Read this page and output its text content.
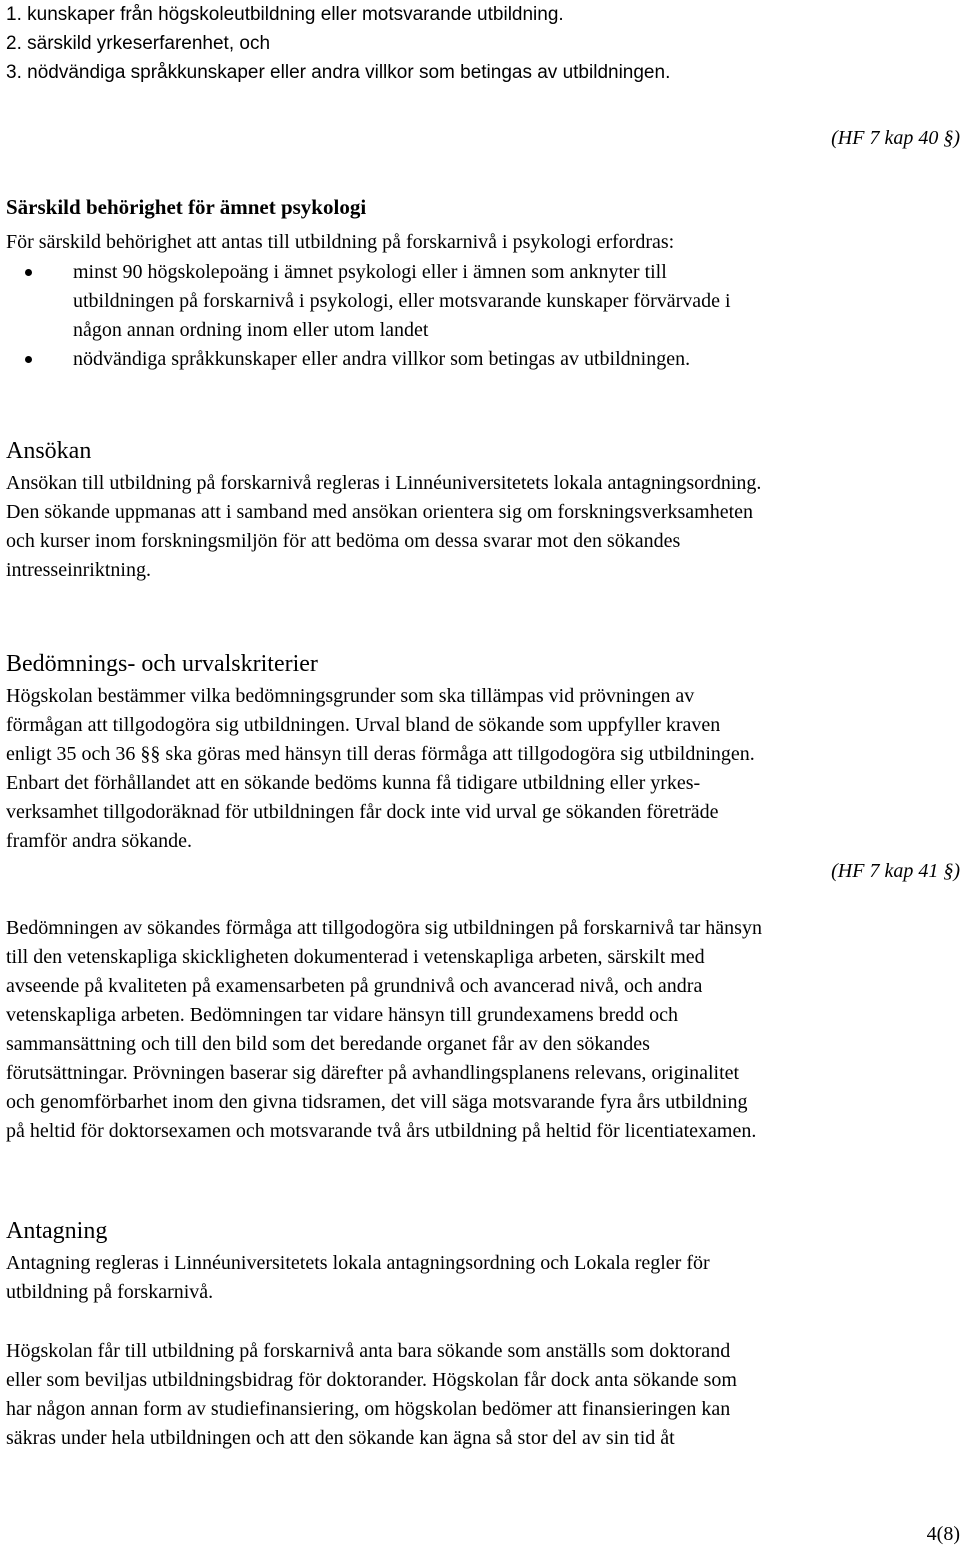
1. kunskaper från högskoleutbildning eller motsvarande utbildning.
2. särskild yrkeserfarenhet, och
3. nödvändiga språkkunskaper eller andra villkor som betingas av utbildningen.
(HF 7 kap 40 §)
Särskild behörighet för ämnet psykologi
För särskild behörighet att antas till utbildning på forskarnivå i psykologi erfordras:
minst 90 högskolepoäng i ämnet psykologi eller i ämnen som anknyter till
utbildningen på forskarnivå i psykologi, eller motsvarande kunskaper förvärvade i
någon annan ordning inom eller utom landet
nödvändiga språkkunskaper eller andra villkor som betingas av utbildningen.
Ansökan
Ansökan till utbildning på forskarnivå regleras i Linnéuniversitetets lokala antagningsordning.
Den sökande uppmanas att i samband med ansökan orientera sig om forskningsverksamheten
och kurser inom forskningsmiljön för att bedöma om dessa svarar mot den sökandes
intresseinriktning.
Bedömnings- och urvalskriterier
Högskolan bestämmer vilka bedömningsgrunder som ska tillämpas vid prövningen av
förmågan att tillgodogöra sig utbildningen. Urval bland de sökande som uppfyller kraven
enligt 35 och 36 §§ ska göras med hänsyn till deras förmåga att tillgodogöra sig utbildningen.
Enbart det förhållandet att en sökande bedöms kunna få tidigare utbildning eller yrkes-
verksamhet tillgodoräknad för utbildningen får dock inte vid urval ge sökanden företräde
framför andra sökande.
(HF 7 kap 41 §)
Bedömningen av sökandes förmåga att tillgodogöra sig utbildningen på forskarnivå tar hänsyn
till den vetenskapliga skickligheten dokumenterad i vetenskapliga arbeten, särskilt med
avseende på kvaliteten på examensarbeten på grundnivå och avancerad nivå, och andra
vetenskapliga arbeten. Bedömningen tar vidare hänsyn till grundexamens bredd och
sammansättning och till den bild som det beredande organet får av den sökandes
förutsättningar. Prövningen baserar sig därefter på avhandlingsplanens relevans, originalitet
och genomförbarhet inom den givna tidsramen, det vill säga motsvarande fyra års utbildning
på heltid för doktorsexamen och motsvarande två års utbildning på heltid för licentiatexamen.
Antagning
Antagning regleras i Linnéuniversitetets lokala antagningsordning och Lokala regler för
utbildning på forskarnivå.
Högskolan får till utbildning på forskarnivå anta bara sökande som anställs som doktorand
eller som beviljas utbildningsbidrag för doktorander. Högskolan får dock anta sökande som
har någon annan form av studiefinansiering, om högskolan bedömer att finansieringen kan
säkras under hela utbildningen och att den sökande kan ägna så stor del av sin tid åt
4(8)
